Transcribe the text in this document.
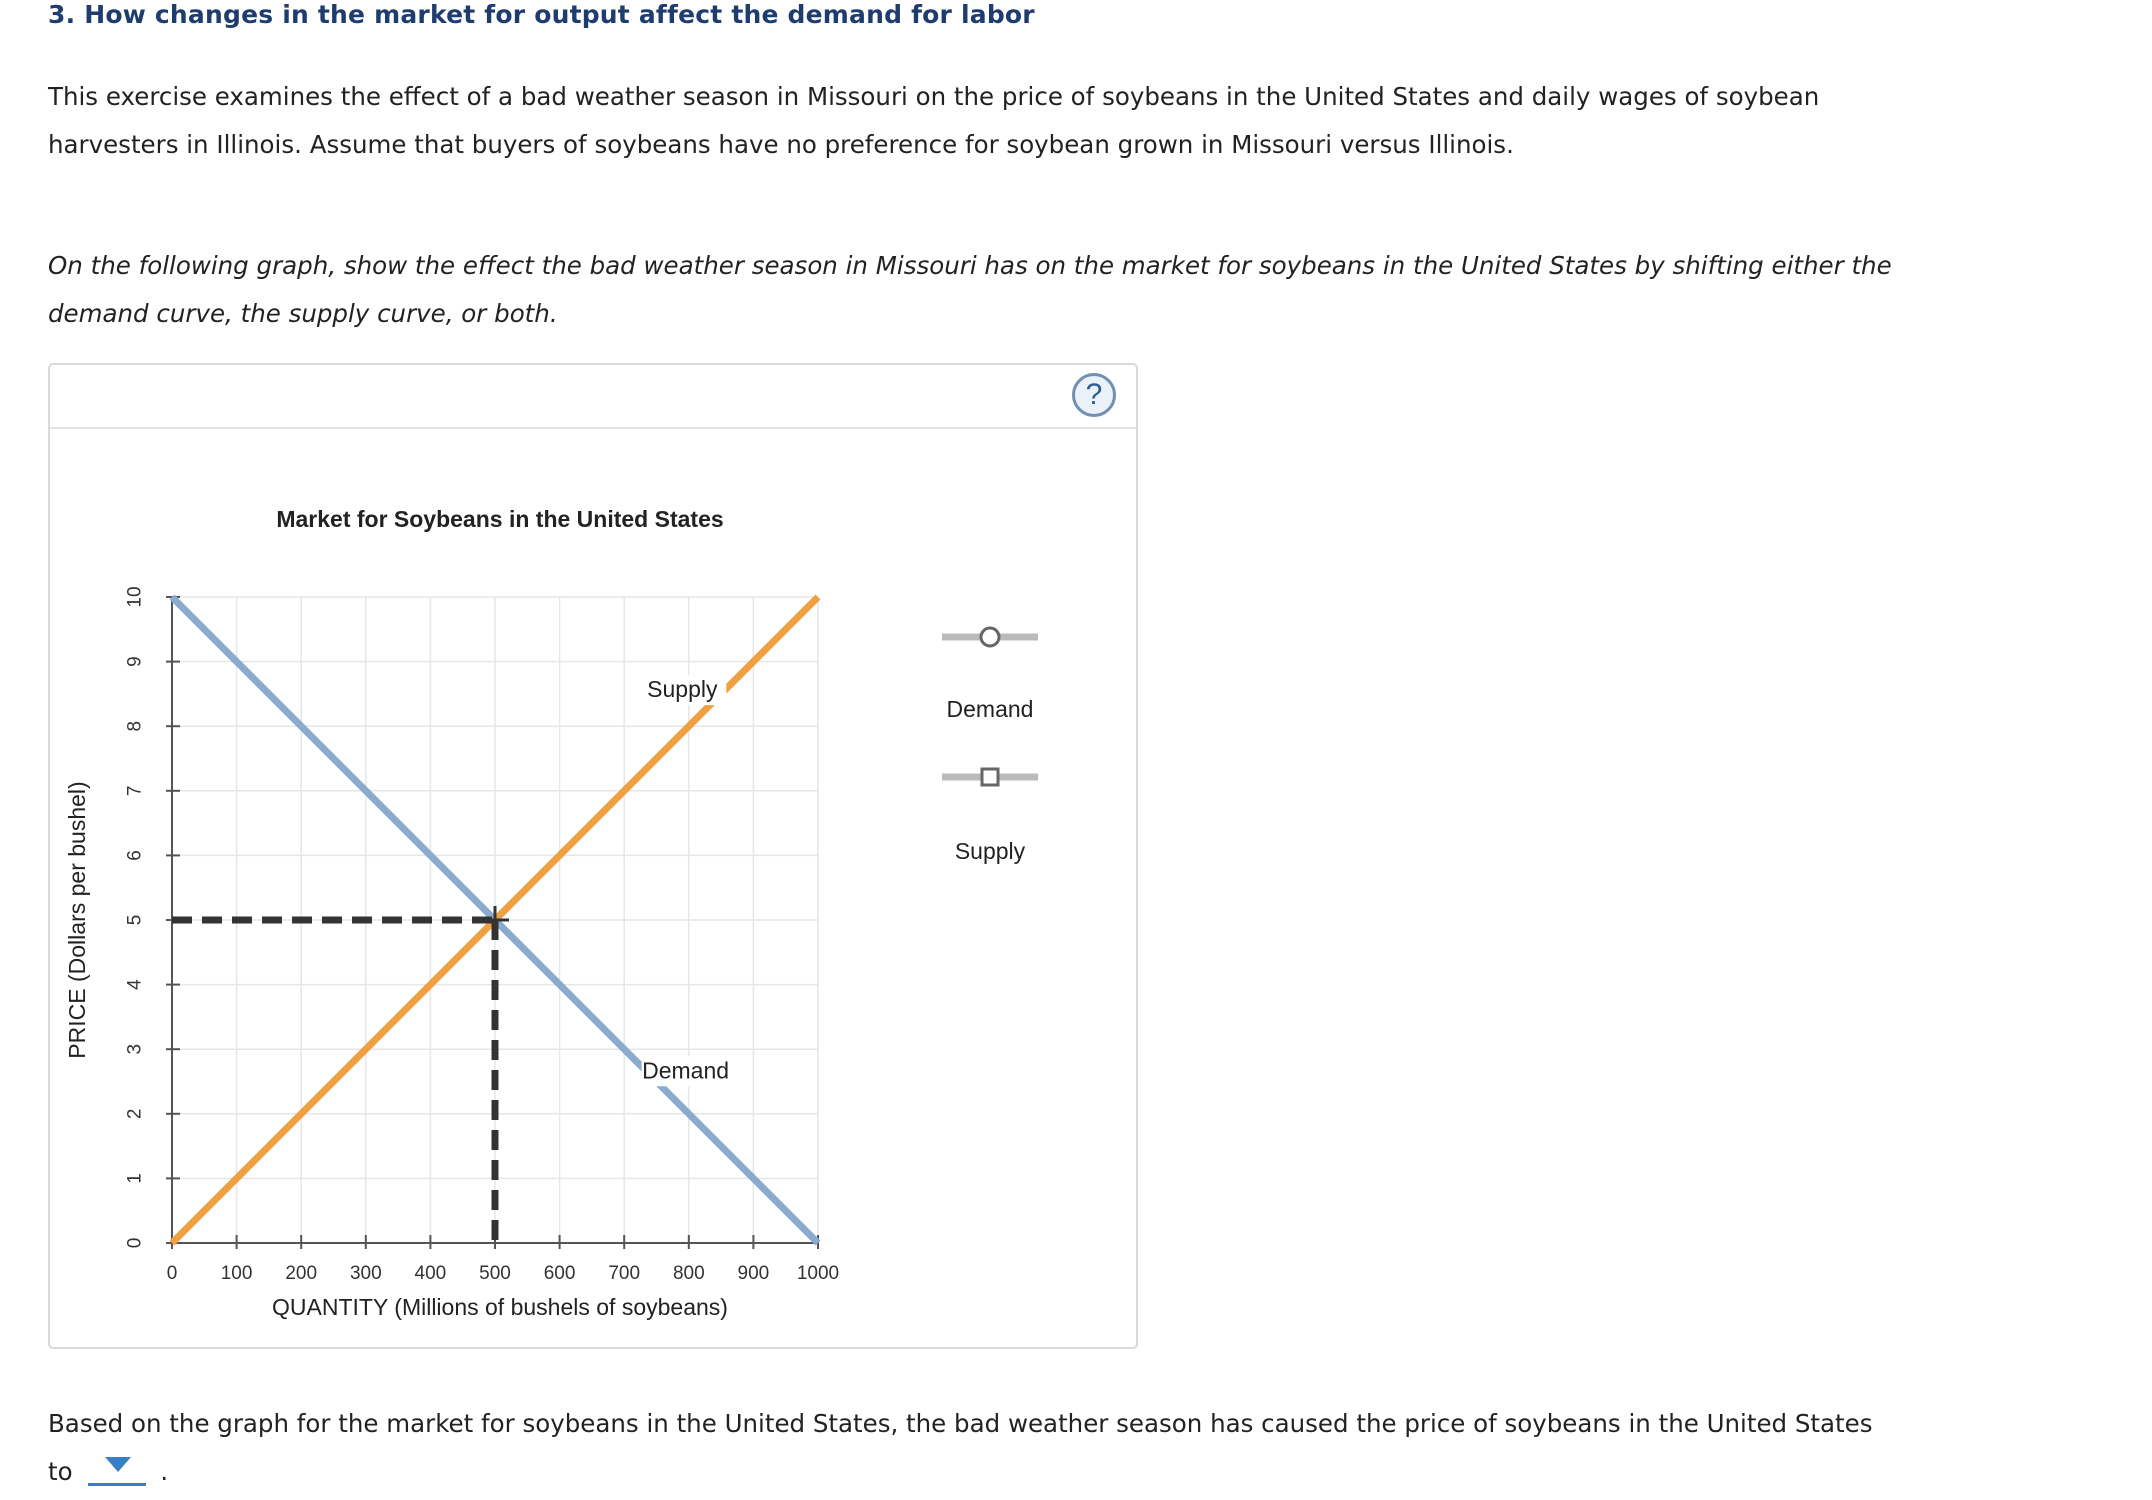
3. How changes in the market for output affect the demand for labor

This exercise examines the effect of a bad weather season in Missouri on the price of soybeans in the United States and daily wages of soybean harvesters in Illinois. Assume that buyers of soybeans have no preference for soybean grown in Missouri versus Illinois.

On the following graph, show the effect the bad weather season in Missouri has on the market for soybeans in the United States by shifting either the demand curve, the supply curve, or both.

?
Market for Soybeans in the United States
0
1
2
3
4
5
6
7
8
9
10
0 100 200 300 400 500 600 700 800 900 1000
Demand
Supply
QUANTITY (Millions of bushels of soybeans)
PRICE (Dollars per bushel)
Demand
Supply

Based on the graph for the market for soybeans in the United States, the bad weather season has caused the price of soybeans in the United States
to	.
